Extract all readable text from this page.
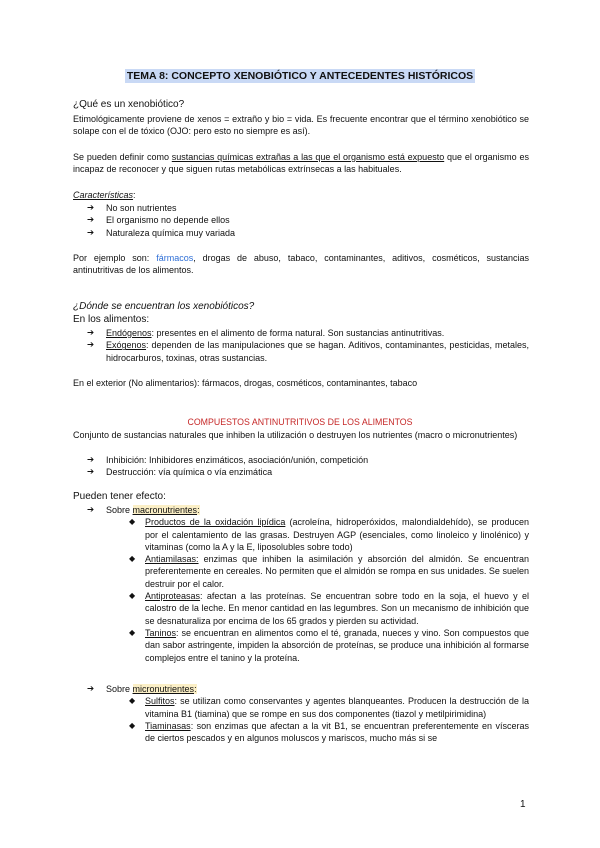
TEMA 8: CONCEPTO XENOBIÓTICO Y ANTECEDENTES HISTÓRICOS
¿Qué es un xenobiótico?
Etimológicamente proviene de xenos = extraño y bio = vida. Es frecuente encontrar que el término xenobiótico se solape con el de tóxico (OJO: pero esto no siempre es así).
Se pueden definir como sustancias químicas extrañas a las que el organismo está expuesto que el organismo es incapaz de reconocer y que siguen rutas metabólicas extrínsecas a las habituales.
Características:
➔ No son nutrientes
➔ El organismo no depende ellos
➔ Naturaleza química muy variada
Por ejemplo son: fármacos, drogas de abuso, tabaco, contaminantes, aditivos, cosméticos, sustancias antinutritivas de los alimentos.
¿Dónde se encuentran los xenobióticos?
En los alimentos:
➔ Endógenos: presentes en el alimento de forma natural. Son sustancias antinutritivas.
➔ Exógenos: dependen de las manipulaciones que se hagan. Aditivos, contaminantes, pesticidas, metales, hidrocarburos, toxinas, otras sustancias.
En el exterior (No alimentarios): fármacos, drogas, cosméticos, contaminantes, tabaco
COMPUESTOS ANTINUTRITIVOS DE LOS ALIMENTOS
Conjunto de sustancias naturales que inhiben la utilización o destruyen los nutrientes (macro o micronutrientes)
➔ Inhibición: Inhibidores enzimáticos, asociación/unión, competición
➔ Destrucción: vía química o vía enzimática
Pueden tener efecto:
➔ Sobre macronutrientes:
◆ Productos de la oxidación lipídica (acroleína, hidroperóxidos, malondialdehído), se producen por el calentamiento de las grasas. Destruyen AGP (esenciales, como linoleico y linolénico) y vitaminas (como la A y la E, liposolubles sobre todo)
◆ Antiamilasas: enzimas que inhiben la asimilación y absorción del almidón. Se encuentran preferentemente en cereales. No permiten que el almidón se rompa en sus unidades. Se suelen destruir por el calor.
◆ Antiproteasas: afectan a las proteínas. Se encuentran sobre todo en la soja, el huevo y el calostro de la leche. En menor cantidad en las legumbres. Son un mecanismo de inhibición que se desnaturaliza por encima de los 65 grados y pierden su actividad.
◆ Taninos: se encuentran en alimentos como el té, granada, nueces y vino. Son compuestos que dan sabor astringente, impiden la absorción de proteínas, se produce una inhibición al formarse complejos entre el tanino y la proteína.
➔ Sobre micronutrientes:
◆ Sulfitos: se utilizan como conservantes y agentes blanqueantes. Producen la destrucción de la vitamina B1 (tiamina) que se rompe en sus dos componentes (tiazol y metilpirimidina)
◆ Tiaminasas: son enzimas que afectan a la vit B1, se encuentran preferentemente en vísceras de ciertos pescados y en algunos moluscos y mariscos, mucho más si se
1
